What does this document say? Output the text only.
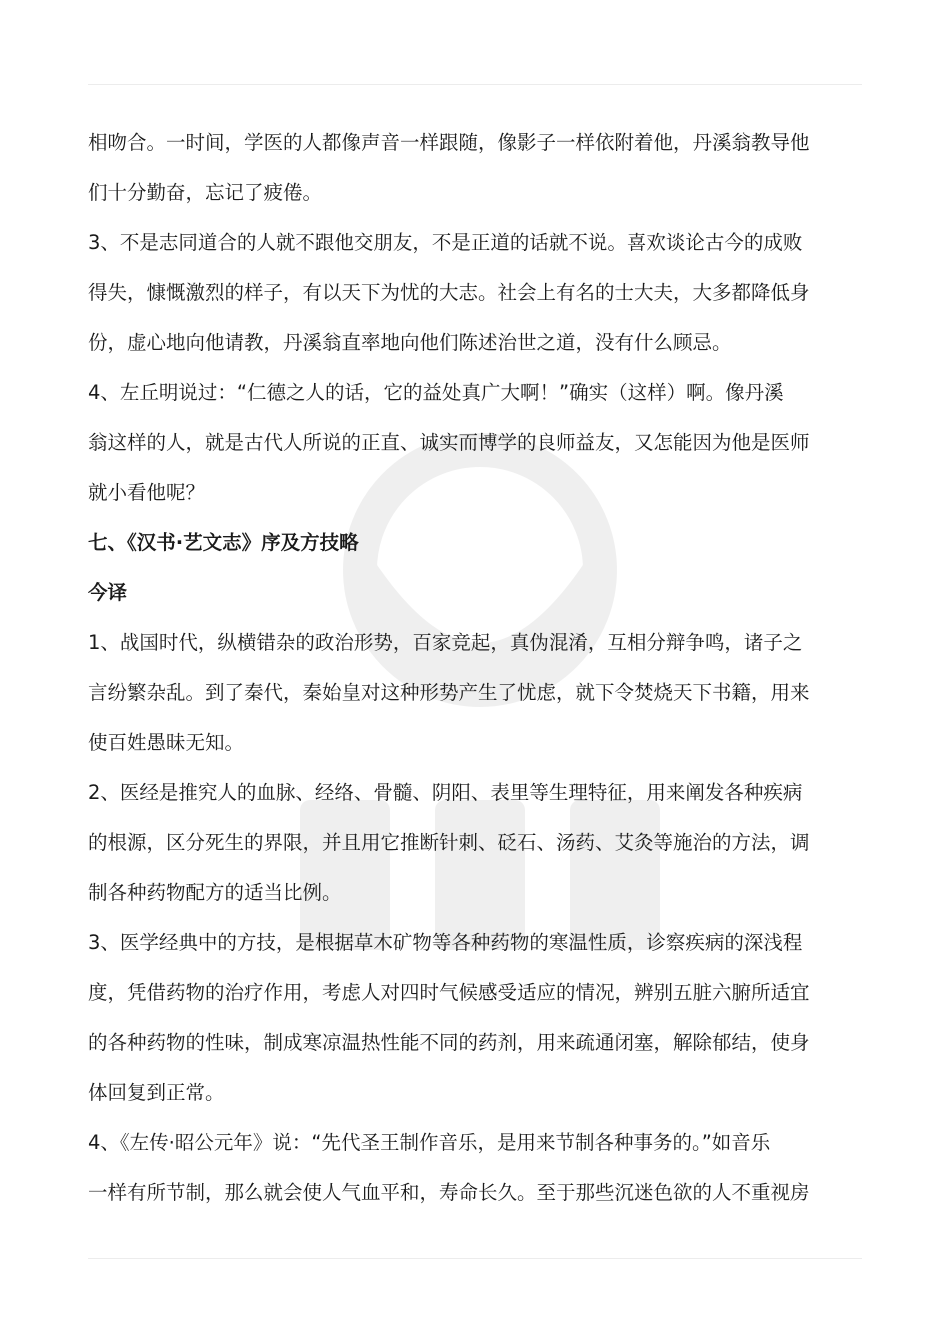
相吻合。一时间，学医的人都像声音一样跟随，像影子一样依附着他，丹溪翁教导他
们十分勤奋，忘记了疲倦。
3、不是志同道合的人就不跟他交朋友，不是正道的话就不说。喜欢谈论古今的成败
得失，慷慨激烈的样子，有以天下为忧的大志。社会上有名的士大夫，大多都降低身
份，虚心地向他请教，丹溪翁直率地向他们陈述治世之道，没有什么顾忌。
4、左丘明说过：“仁德之人的话，它的益处真广大啊！”确实（这样）啊。像丹溪
翁这样的人，就是古代人所说的正直、诚实而博学的良师益友，又怎能因为他是医师
就小看他呢？
七、《汉书·艺文志》序及方技略
今译
1、战国时代，纵横错杂的政治形势，百家竞起，真伪混淆，互相分辩争鸣，诸子之
言纷繁杂乱。到了秦代，秦始皇对这种形势产生了忧虑，就下令焚烧天下书籍，用来
使百姓愚昧无知。
2、医经是推究人的血脉、经络、骨髓、阴阳、表里等生理特征，用来阐发各种疾病
的根源，区分死生的界限，并且用它推断针刺、砭石、汤药、艾灸等施治的方法，调
制各种药物配方的适当比例。
3、医学经典中的方技，是根据草木矿物等各种药物的寒温性质，诊察疾病的深浅程
度，凭借药物的治疗作用，考虑人对四时气候感受适应的情况，辨别五脏六腑所适宜
的各种药物的性味，制成寒凉温热性能不同的药剂，用来疏通闭塞，解除郁结，使身
体回复到正常。
4、《左传·昭公元年》说：“先代圣王制作音乐，是用来节制各种事务的。”如音乐
一样有所节制，那么就会使人气血平和，寿命长久。至于那些沉迷色欲的人不重视房
